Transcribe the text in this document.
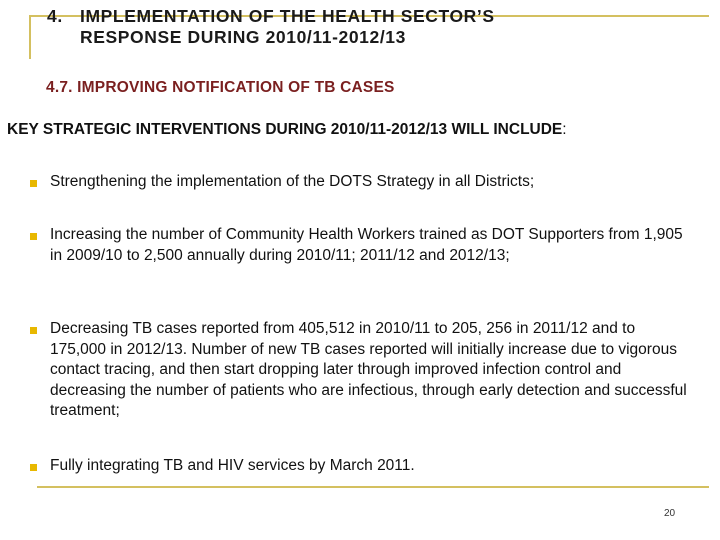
4. IMPLEMENTATION OF THE HEALTH SECTOR’S
RESPONSE DURING 2010/11-2012/13
4.7. IMPROVING NOTIFICATION OF TB CASES

KEY STRATEGIC INTERVENTIONS DURING 2010/11-2012/13 WILL INCLUDE:

Strengthening the implementation of the DOTS Strategy in all Districts;
Increasing the number of Community Health Workers trained as DOT Supporters from 1,905 in 2009/10 to 2,500 annually during 2010/11; 2011/12 and 2012/13;
Decreasing TB cases reported from 405,512 in 2010/11 to 205, 256 in 2011/12 and to 175,000 in 2012/13. Number of new TB cases reported will initially increase due to vigorous contact tracing, and then start dropping later through improved infection control and decreasing the number of patients who are infectious, through early detection and successful treatment;
Fully integrating TB and HIV services by March 2011.
20
